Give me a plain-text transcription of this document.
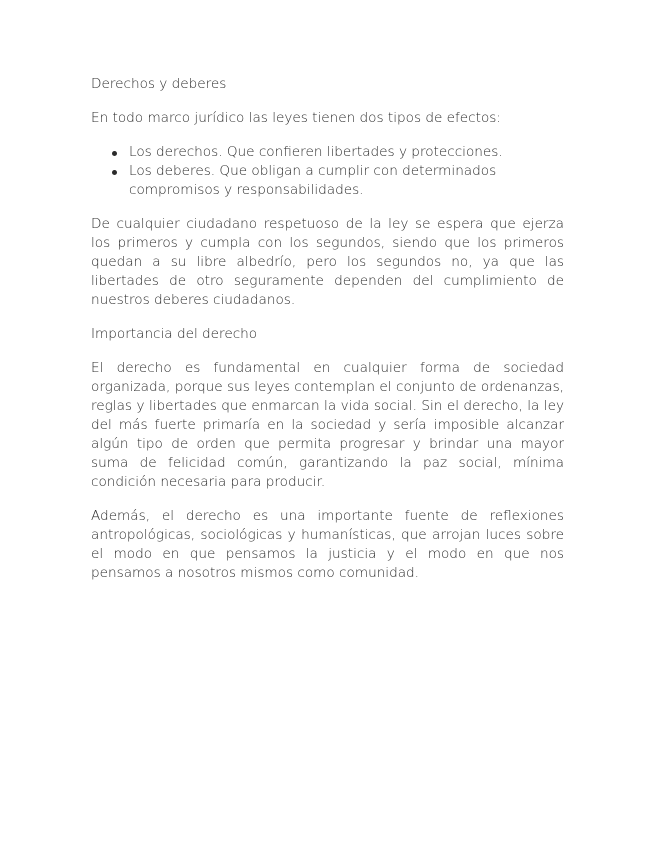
Derechos y deberes

En todo marco jurídico las leyes tienen dos tipos de efectos:

Los derechos. Que confieren libertades y protecciones.
Los deberes. Que obligan a cumplir con determinados compromisos y responsabilidades.

De cualquier ciudadano respetuoso de la ley se espera que ejerza los primeros y cumpla con los segundos, siendo que los primeros quedan a su libre albedrío, pero los segundos no, ya que las libertades de otro seguramente dependen del cumplimiento de nuestros deberes ciudadanos.

Importancia del derecho

El derecho es fundamental en cualquier forma de sociedad organizada, porque sus leyes contemplan el conjunto de ordenanzas, reglas y libertades que enmarcan la vida social. Sin el derecho, la ley del más fuerte primaría en la sociedad y sería imposible alcanzar algún tipo de orden que permita progresar y brindar una mayor suma de felicidad común, garantizando la paz social, mínima condición necesaria para producir.

Además, el derecho es una importante fuente de reflexiones antropológicas, sociológicas y humanísticas, que arrojan luces sobre el modo en que pensamos la justicia y el modo en que nos pensamos a nosotros mismos como comunidad.
